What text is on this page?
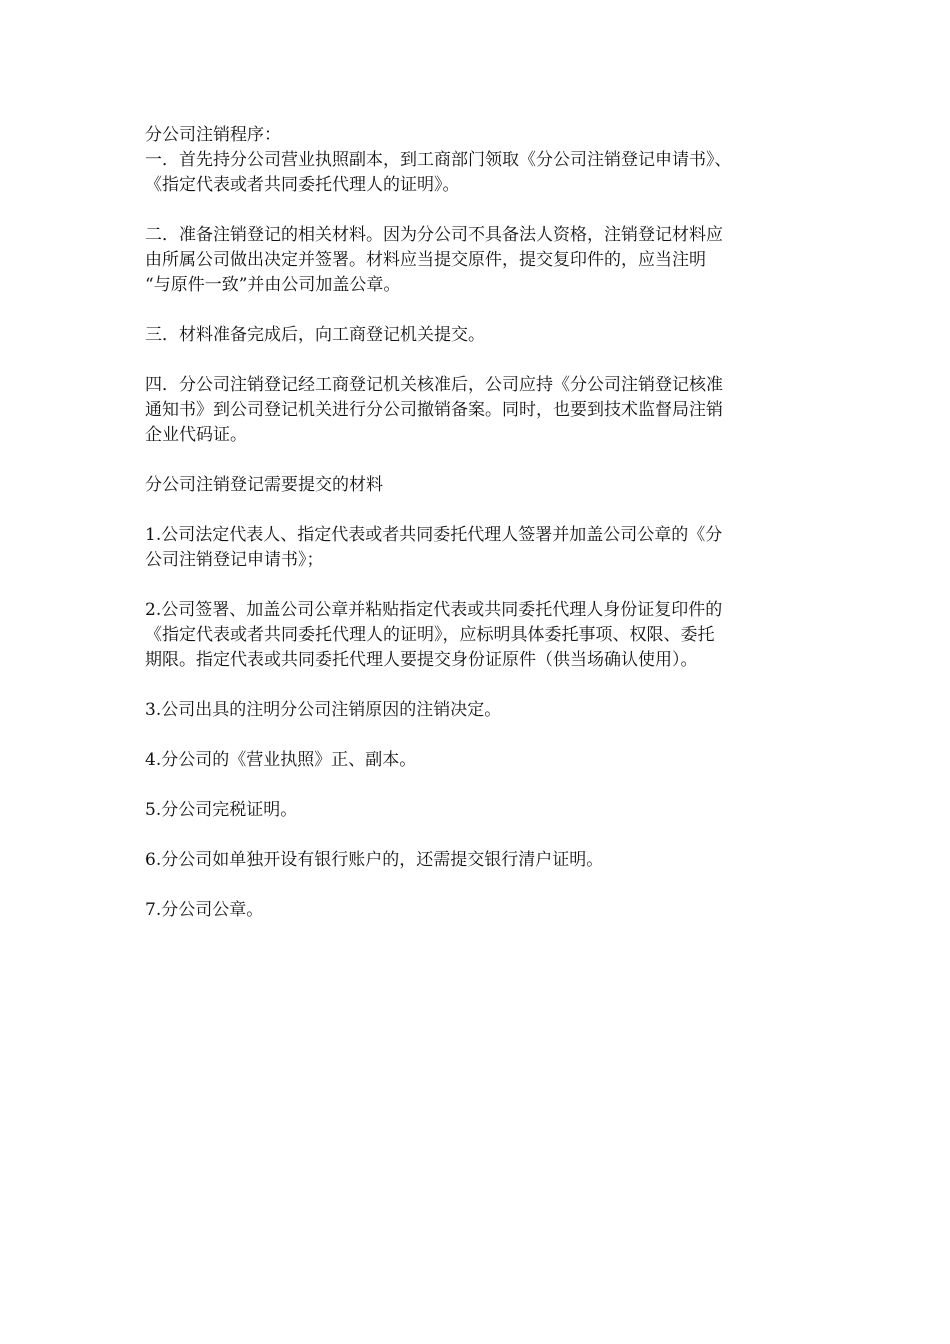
分公司注销程序：
一．首先持分公司营业执照副本，到工商部门领取《分公司注销登记申请书》、
《指定代表或者共同委托代理人的证明》。
二．准备注销登记的相关材料。因为分公司不具备法人资格，注销登记材料应
由所属公司做出决定并签署。材料应当提交原件，提交复印件的，应当注明
“与原件一致”并由公司加盖公章。
三．材料准备完成后，向工商登记机关提交。
四．分公司注销登记经工商登记机关核准后，公司应持《分公司注销登记核准
通知书》到公司登记机关进行分公司撤销备案。同时，也要到技术监督局注销
企业代码证。
分公司注销登记需要提交的材料
1.公司法定代表人、指定代表或者共同委托代理人签署并加盖公司公章的《分
公司注销登记申请书》；
2.公司签署、加盖公司公章并粘贴指定代表或共同委托代理人身份证复印件的
《指定代表或者共同委托代理人的证明》，应标明具体委托事项、权限、委托
期限。指定代表或共同委托代理人要提交身份证原件（供当场确认使用）。
3.公司出具的注明分公司注销原因的注销决定。
4.分公司的《营业执照》正、副本。
5.分公司完税证明。
6.分公司如单独开设有银行账户的，还需提交银行清户证明。
7.分公司公章。
